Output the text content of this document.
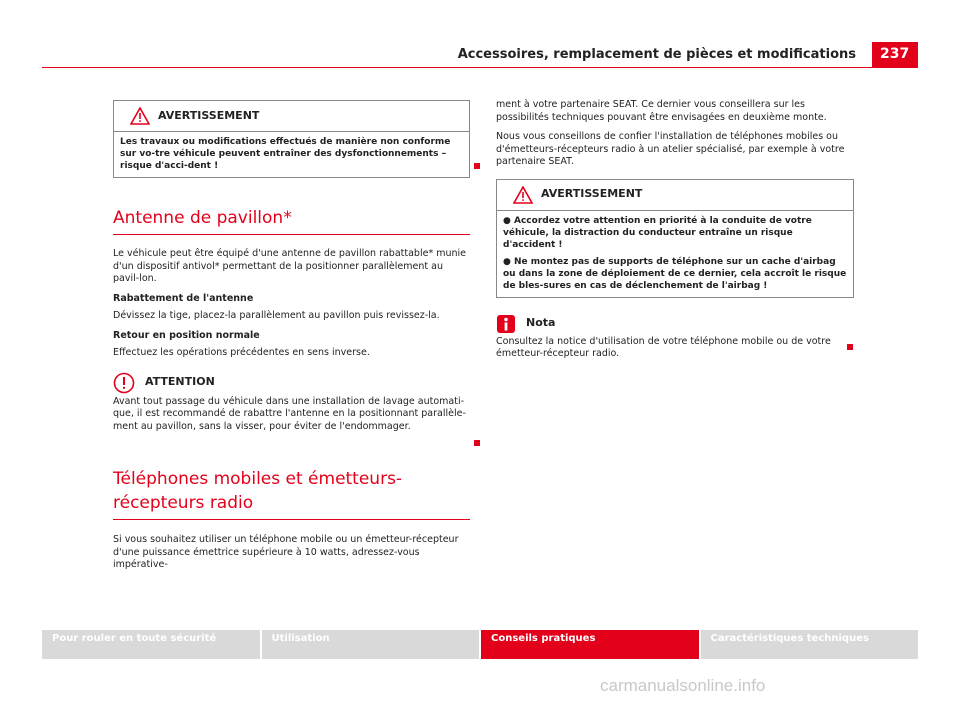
Accessoires, remplacement de pièces et modifications	237
AVERTISSEMENT

Les travaux ou modifications effectués de manière non conforme sur vo-tre véhicule peuvent entraîner des dysfonctionnements – risque d'acci-dent !

Antenne de pavillon*

Le véhicule peut être équipé d'une antenne de pavillon rabattable* munie d'un dispositif antivol* permettant de la positionner parallèlement au pavil-lon.

Rabattement de l'antenne

Dévissez la tige, placez-la parallèlement au pavillon puis revissez-la.

Retour en position normale

Effectuez les opérations précédentes en sens inverse.

ATTENTION

Avant tout passage du véhicule dans une installation de lavage automati-que, il est recommandé de rabattre l'antenne en la positionnant parallèle-ment au pavillon, sans la visser, pour éviter de l'endommager.

Téléphones mobiles et émetteurs-récepteurs radio

Si vous souhaitez utiliser un téléphone mobile ou un émetteur-récepteur d'une puissance émettrice supérieure à 10 watts, adressez-vous impérative-

ment à votre partenaire SEAT. Ce dernier vous conseillera sur les possibilités techniques pouvant être envisagées en deuxième monte.

Nous vous conseillons de confier l'installation de téléphones mobiles ou d'émetteurs-récepteurs radio à un atelier spécialisé, par exemple à votre partenaire SEAT.

AVERTISSEMENT

● Accordez votre attention en priorité à la conduite de votre véhicule, la distraction du conducteur entraîne un risque d'accident !

● Ne montez pas de supports de téléphone sur un cache d'airbag ou dans la zone de déploiement de ce dernier, cela accroît le risque de bles-sures en cas de déclenchement de l'airbag !

Nota

Consultez la notice d'utilisation de votre téléphone mobile ou de votre émetteur-récepteur radio.

Pour rouler en toute sécurité	Utilisation	Conseils pratiques	Caractéristiques techniques
carmanualsonline.info
